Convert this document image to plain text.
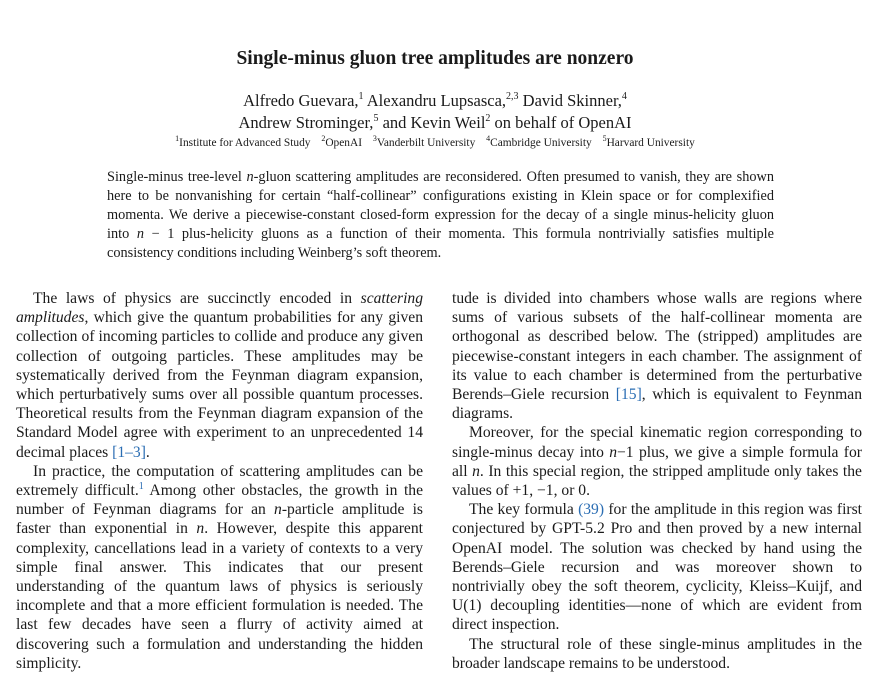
Single-minus gluon tree amplitudes are nonzero
Alfredo Guevara,$^1$ Alexandru Lupsasca,$^{2,3}$ David Skinner,$^4$
Andrew Strominger,$^5$ and Kevin Weil$^2$ on behalf of OpenAI
$^1$Institute for Advanced Study $^2$OpenAI $^3$Vanderbilt University $^4$Cambridge University $^5$Harvard University
Single-minus tree-level n-gluon scattering amplitudes are reconsidered. Often presumed to vanish, they are shown here to be nonvanishing for certain “half-collinear” configurations existing in Klein space or for complexified momenta. We derive a piecewise-constant closed-form expression for the decay of a single minus-helicity gluon into n − 1 plus-helicity gluons as a function of their momenta. This formula nontrivially satisfies multiple consistency conditions including Weinberg’s soft theorem.

The laws of physics are succinctly encoded in scattering amplitudes, which give the quantum probabilities for any given collection of incoming particles to collide and produce any given collection of outgoing particles. These amplitudes may be systematically derived from the Feynman diagram expansion, which perturbatively sums over all possible quantum processes. Theoretical results from the Feynman diagram expansion of the Standard Model agree with experiment to an unprecedented 14 decimal places [1–3].

In practice, the computation of scattering amplitudes can be extremely difficult.$^1$ Among other obstacles, the growth in the number of Feynman diagrams for an n-particle amplitude is faster than exponential in n. However, despite this apparent complexity, cancellations lead in a variety of contexts to a very simple final answer. This indicates that our present understanding of the quantum laws of physics is seriously incomplete and that a more efficient formulation is needed. The last few decades have seen a flurry of activity aimed at discovering such a formulation and understanding the hidden simplicity.

tude is divided into chambers whose walls are regions where sums of various subsets of the half-collinear momenta are orthogonal as described below. The (stripped) amplitudes are piecewise-constant integers in each chamber. The assignment of its value to each chamber is determined from the perturbative Berends–Giele recursion [15], which is equivalent to Feynman diagrams.

Moreover, for the special kinematic region corresponding to single-minus decay into n−1 plus, we give a simple formula for all n. In this special region, the stripped amplitude only takes the values of +1, −1, or 0.

The key formula (39) for the amplitude in this region was first conjectured by GPT-5.2 Pro and then proved by a new internal OpenAI model. The solution was checked by hand using the Berends–Giele recursion and was moreover shown to nontrivially obey the soft theorem, cyclicity, Kleiss–Kuijf, and U(1) decoupling identities—none of which are evident from direct inspection.

The structural role of these single-minus amplitudes in the broader landscape remains to be understood.
